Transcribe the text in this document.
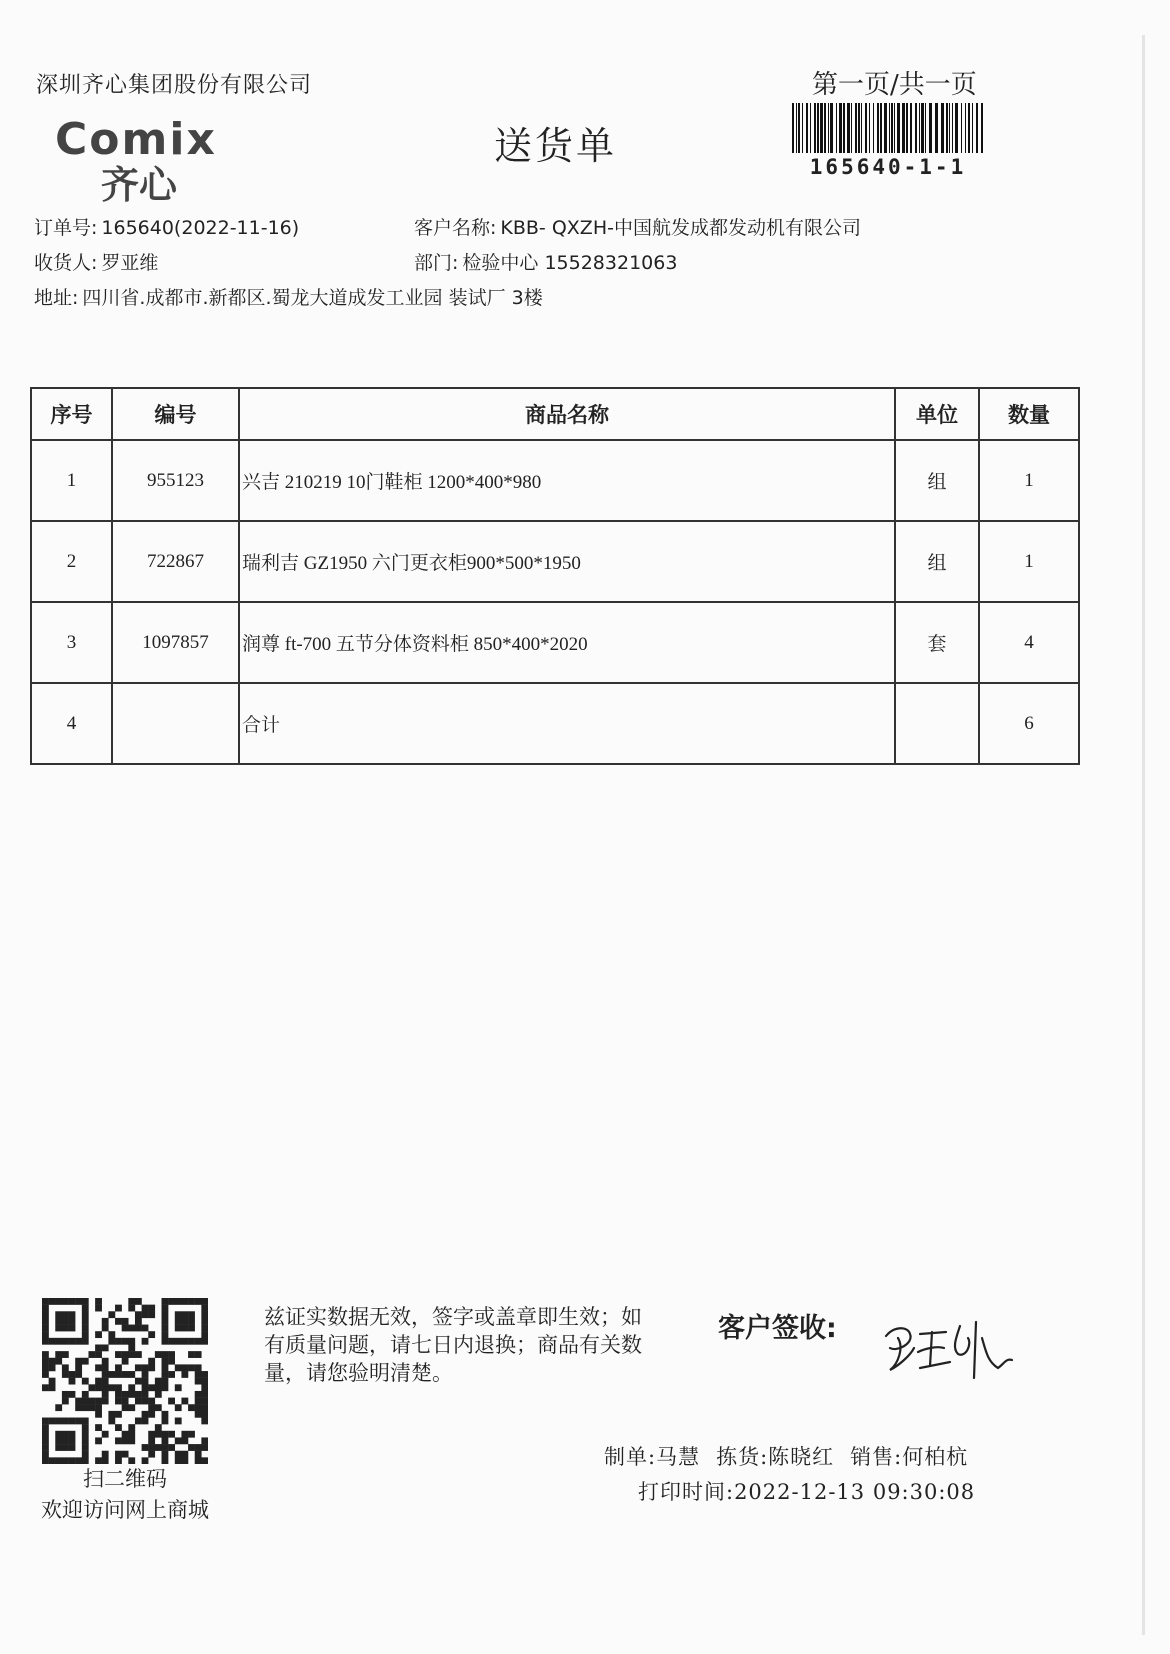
深圳齐心集团股份有限公司	第一页/共一页
Comix
齐心
送货单	165640-1-1
订单号: 165640(2022-11-16)	客户名称: KBB- QXZH-中国航发成都发动机有限公司
收货人: 罗亚维	部门: 检验中心 15528321063
地址: 四川省.成都市.新都区.蜀龙大道成发工业园 装试厂 3楼
序号	编号	商品名称	单位	数量
1	955123	兴吉 210219 10门鞋柜 1200*400*980	组	1
2	722867	瑞利吉 GZ1950 六门更衣柜900*500*1950	组	1
3	1097857	润尊 ft-700 五节分体资料柜 850*400*2020	套	4
4		合计		6
扫二维码
欢迎访问网上商城
兹证实数据无效，签字或盖章即生效；如有质量问题，请七日内退换；商品有关数量，请您验明清楚。
客户签收:
制单:马慧 拣货:陈晓红 销售:何柏杭
打印时间:2022-12-13 09:30:08
